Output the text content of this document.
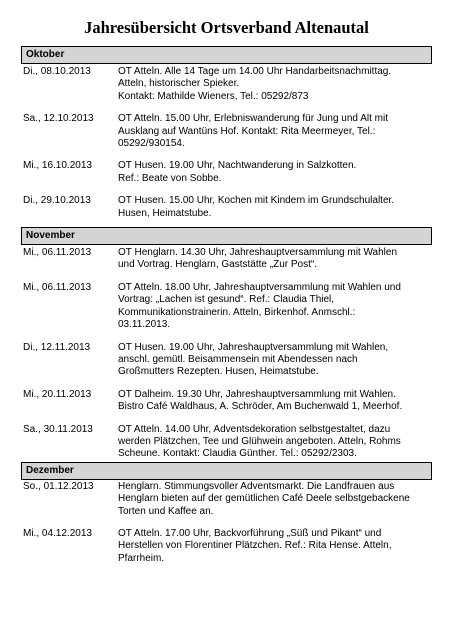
Jahresübersicht Ortsverband Altenautal
Oktober
Di., 08.10.2013	OT Atteln. Alle 14 Tage um 14.00 Uhr Handarbeitsnachmittag.
Atteln, historischer Spieker.
Kontakt: Mathilde Wieners, Tel.: 05292/873
Sa., 12.10.2013	OT Atteln. 15.00 Uhr, Erlebniswanderung für Jung und Alt mit
Ausklang auf Wantüns Hof. Kontakt: Rita Meermeyer, Tel.:
05292/930154.
Mi., 16.10.2013	OT Husen. 19.00 Uhr, Nachtwanderung in Salzkotten.
Ref.: Beate von Sobbe.
Di., 29.10.2013	OT Husen. 15.00 Uhr, Kochen mit Kindern im Grundschulalter.
Husen, Heimatstube.
November
Mi., 06.11.2013	OT Henglarn. 14.30 Uhr, Jahreshauptversammlung mit Wahlen
und Vortrag. Henglarn, Gaststätte „Zur Post“.
Mi., 06.11.2013	OT Atteln. 18.00 Uhr, Jahreshauptversammlung mit Wahlen und
Vortrag: „Lachen ist gesund“. Ref.: Claudia Thiel,
Kommunikationstrainerin. Atteln, Birkenhof. Anmschl.:
03.11.2013.
Di., 12.11.2013	OT Husen. 19.00 Uhr, Jahreshauptversammlung mit Wahlen,
anschl. gemütl. Beisammensein mit Abendessen nach
Großmutters Rezepten. Husen, Heimatstube.
Mi., 20.11.2013	OT Dalheim. 19.30 Uhr, Jahreshauptversammlung mit Wahlen.
Bistro Café Waldhaus, A. Schröder, Am Buchenwald 1, Meerhof.
Sa., 30.11.2013	OT Atteln. 14.00 Uhr, Adventsdekoration selbstgestaltet, dazu
werden Plätzchen, Tee und Glühwein angeboten. Atteln, Rohms
Scheune. Kontakt: Claudia Günther. Tel.: 05292/2303.
Dezember
So., 01.12.2013	Henglarn. Stimmungsvoller Adventsmarkt. Die Landfrauen aus
Henglarn bieten auf der gemütlichen Café Deele selbstgebackene
Torten und Kaffee an.
Mi., 04.12.2013	OT Atteln. 17.00 Uhr, Backvorführung „Süß und Pikant“ und
Herstellen von Florentiner Plätzchen. Ref.: Rita Hense. Atteln,
Pfarrheim.
